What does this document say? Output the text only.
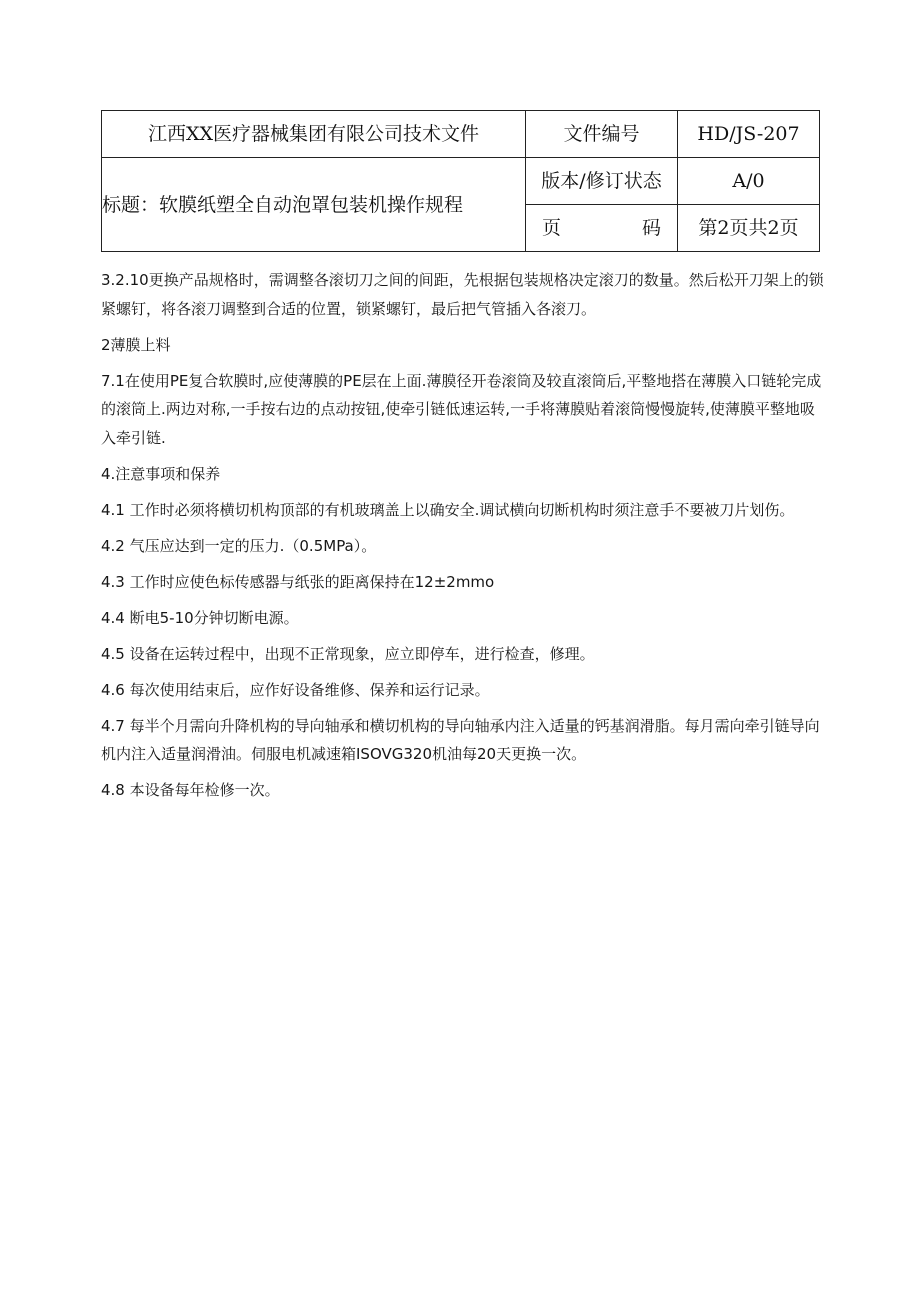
江西XX医疗器械集团有限公司技术文件	文件编号	HD/JS-207
标题：软膜纸塑全自动泡罩包装机操作规程	版本/修订状态	A/0

	页 码	第2页共2页

3.2.10更换产品规格时，需调整各滚切刀之间的间距，先根据包装规格决定滚刀的数量。然后松开刀架上的锁紧螺钉，将各滚刀调整到合适的位置，锁紧螺钉，最后把气管插入各滚刀。

2薄膜上料

7.1在使用PE复合软膜时,应使薄膜的PE层在上面.薄膜径开卷滚筒及较直滚筒后,平整地搭在薄膜入口链轮完成的滚筒上.两边对称,一手按右边的点动按钮,使牵引链低速运转,一手将薄膜贴着滚筒慢慢旋转,使薄膜平整地吸入牵引链.

4.注意事项和保养

4.1 工作时必须将横切机构顶部的有机玻璃盖上以确安全.调试横向切断机构时须注意手不要被刀片划伤。

4.2 气压应达到一定的压力.（0.5MPa）。

4.3 工作时应使色标传感器与纸张的距离保持在12±2mmo

4.4 断电5-10分钟切断电源。

4.5 设备在运转过程中，出现不正常现象，应立即停车，进行检查，修理。

4.6 每次使用结束后，应作好设备维修、保养和运行记录。

4.7 每半个月需向升降机构的导向轴承和横切机构的导向轴承内注入适量的钙基润滑脂。每月需向牵引链导向机内注入适量润滑油。伺服电机减速箱ISOVG320机油每20天更换一次。

4.8 本设备每年检修一次。
